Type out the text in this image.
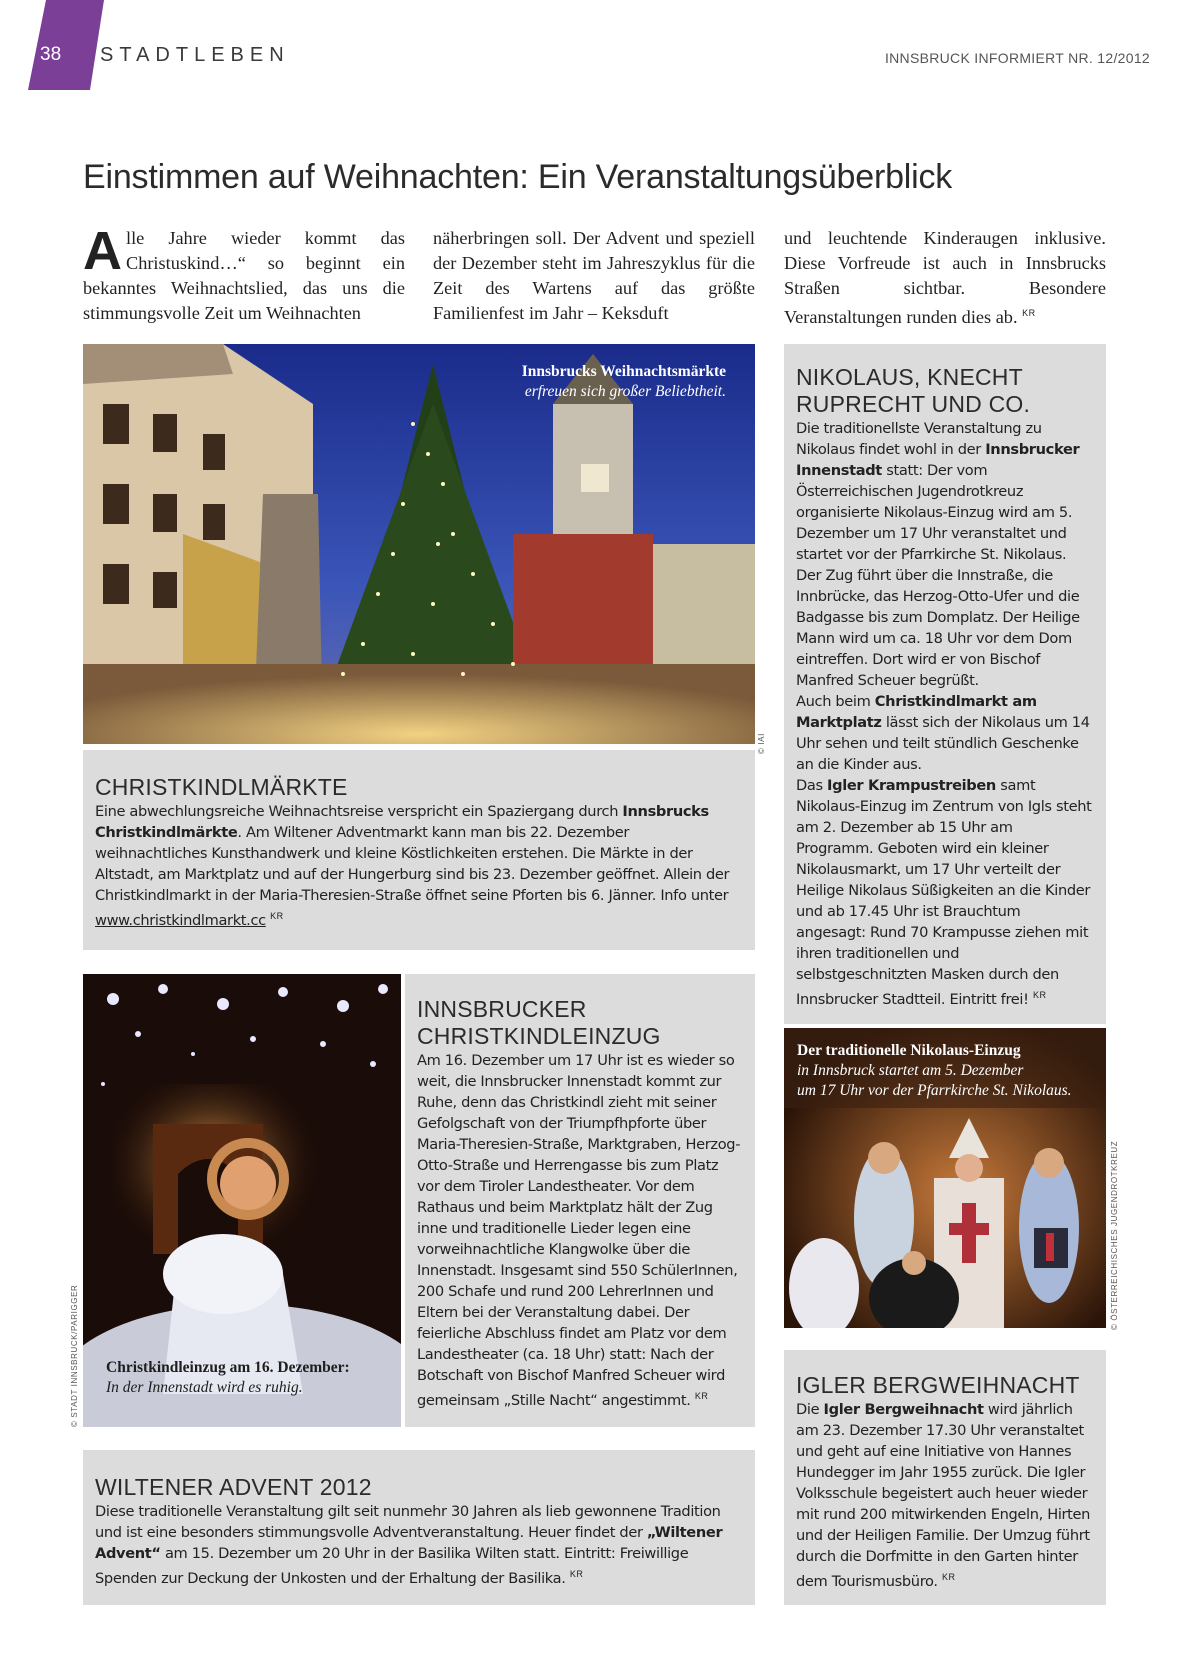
38 STADTLEBEN	INNSBRUCK INFORMIERT NR. 12/2012
Einstimmen auf Weihnachten: Ein Veranstaltungsüberblick
Alle Jahre wieder kommt das Christuskind…“ so beginnt ein bekanntes Weihnachtslied, das uns die stimmungsvolle Zeit um Weihnachten
näherbringen soll. Der Advent und speziell der Dezember steht im Jahreszyklus für die Zeit des Wartens auf das größte Familienfest im Jahr – Keksduft
und leuchtende Kinderaugen inklusive. Diese Vorfreude ist auch in Innsbrucks Straßen sichtbar. Besondere Veranstaltungen runden dies ab. $^{KR}$
Innsbrucks Weihnachtsmärkte
erfreuen sich großer Beliebtheit.
© IAI
CHRISTKINDLMÄRKTE

Eine abwechlungsreiche Weihnachtsreise verspricht ein Spaziergang durch Innsbrucks Christkindlmärkte. Am Wiltener Adventmarkt kann man bis 22. Dezember weihnachtliches Kunsthandwerk und kleine Köstlichkeiten erstehen. Die Märkte in der Altstadt, am Marktplatz und auf der Hungerburg sind bis 23. Dezember geöffnet. Allein der Christkindlmarkt in der Maria-Theresien-Straße öffnet seine Pforten bis 6. Jänner. Info unter www.christkindlmarkt.cc $^{KR}$

Christkindleinzug am 16. Dezember:
In der Innenstadt wird es ruhig.
© STADT INNSBRUCK/PARIGGER
INNSBRUCKER CHRISTKINDLEINZUG

Am 16. Dezember um 17 Uhr ist es wieder so weit, die Innsbrucker Innenstadt kommt zur Ruhe, denn das Christkindl zieht mit seiner Gefolgschaft von der Triumpfhpforte über Maria-Theresien-Straße, Marktgraben, Herzog-Otto-Straße und Herrengasse bis zum Platz vor dem Tiroler Landestheater. Vor dem Rathaus und beim Marktplatz hält der Zug inne und traditionelle Lieder legen eine vorweihnachtliche Klangwolke über die Innenstadt. Insgesamt sind 550 SchülerInnen, 200 Schafe und rund 200 LehrerInnen und Eltern bei der Veranstaltung dabei. Der feierliche Abschluss findet am Platz vor dem Landestheater (ca. 18 Uhr) statt: Nach der Botschaft von Bischof Manfred Scheuer wird gemeinsam „Stille Nacht“ angestimmt. $^{KR}$

WILTENER ADVENT 2012

Diese traditionelle Veranstaltung gilt seit nunmehr 30 Jahren als lieb gewonnene Tradition und ist eine besonders stimmungsvolle Adventveranstaltung. Heuer findet der „Wiltener Advent“ am 15. Dezember um 20 Uhr in der Basilika Wilten statt. Eintritt: Freiwillige Spenden zur Deckung der Unkosten und der Erhaltung der Basilika. $^{KR}$

NIKOLAUS, KNECHT RUPRECHT UND CO.

Die traditionellste Veranstaltung zu Nikolaus findet wohl in der Innsbrucker Innenstadt statt: Der vom Österreichischen Jugendrotkreuz organisierte Nikolaus-Einzug wird am 5. Dezember um 17 Uhr veranstaltet und startet vor der Pfarrkirche St. Nikolaus. Der Zug führt über die Innstraße, die Innbrücke, das Herzog-Otto-Ufer und die Badgasse bis zum Domplatz. Der Heilige Mann wird um ca. 18 Uhr vor dem Dom eintreffen. Dort wird er von Bischof Manfred Scheuer begrüßt.
Auch beim Christkindlmarkt am Marktplatz lässt sich der Nikolaus um 14 Uhr sehen und teilt stündlich Geschenke an die Kinder aus.
Das Igler Krampustreiben samt Nikolaus-Einzug im Zentrum von Igls steht am 2. Dezember ab 15 Uhr am Programm. Geboten wird ein kleiner Nikolausmarkt, um 17 Uhr verteilt der Heilige Nikolaus Süßigkeiten an die Kinder und ab 17.45 Uhr ist Brauchtum angesagt: Rund 70 Krampusse ziehen mit ihren traditionellen und selbstgeschnitzten Masken durch den Innsbrucker Stadtteil. Eintritt frei! $^{KR}$

Der traditionelle Nikolaus-Einzug
in Innsbruck startet am 5. Dezember
um 17 Uhr vor der Pfarrkirche St. Nikolaus.
© ÖSTERREICHISCHES JUGENDROTKREUZ
IGLER BERGWEIHNACHT

Die Igler Bergweihnacht wird jährlich am 23. Dezember 17.30 Uhr veranstaltet und geht auf eine Initiative von Hannes Hundegger im Jahr 1955 zurück. Die Igler Volksschule begeistert auch heuer wieder mit rund 200 mitwirkenden Engeln, Hirten und der Heiligen Familie. Der Umzug führt durch die Dorfmitte in den Garten hinter dem Tourismusbüro. $^{KR}$
